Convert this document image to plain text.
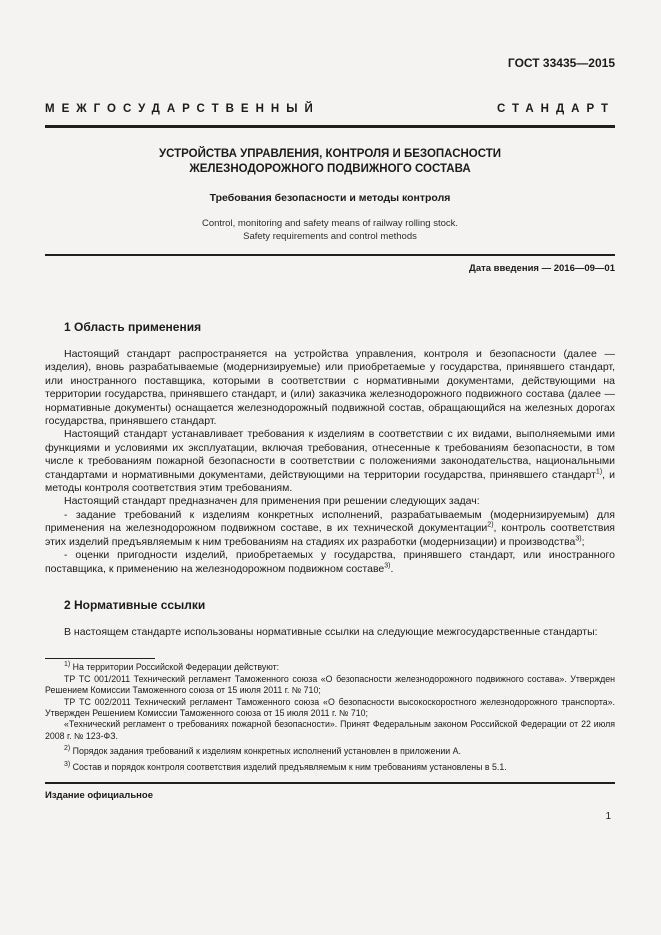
ГОСТ 33435—2015
МЕЖГОСУДАРСТВЕННЫЙ	СТАНДАРТ
УСТРОЙСТВА УПРАВЛЕНИЯ, КОНТРОЛЯ И БЕЗОПАСНОСТИ
ЖЕЛЕЗНОДОРОЖНОГО ПОДВИЖНОГО СОСТАВА
Требования безопасности и методы контроля
Control, monitoring and safety means of railway rolling stock.
Safety requirements and control methods
Дата введения — 2016—09—01
1 Область применения

Настоящий стандарт распространяется на устройства управления, контроля и безопасности (далее — изделия), вновь разрабатываемые (модернизируемые) или приобретаемые у государства, принявшего стандарт, или иностранного поставщика, которыми в соответствии с нормативными документами, действующими на территории государства, принявшего стандарт, и (или) заказчика железнодорожного подвижного состава (далее — нормативные документы) оснащается железнодорожный подвижной состав, обращающийся на железных дорогах государства, принявшего стандарт.

Настоящий стандарт устанавливает требования к изделиям в соответствии с их видами, выполняемыми ими функциями и условиями их эксплуатации, включая требования, отнесенные к требованиям безопасности, в том числе к требованиям пожарной безопасности в соответствии с положениями законодательства, национальными стандартами и нормативными документами, действующими на территории государства, принявшего стандарт$^{1)}$, и методы контроля соответствия этим требованиям.

Настоящий стандарт предназначен для применения при решении следующих задач:

- задание требований к изделиям конкретных исполнений, разрабатываемым (модернизируемым) для применения на железнодорожном подвижном составе, в их технической документации$^{2)}$, контроль соответствия этих изделий предъявляемым к ним требованиям на стадиях их разработки (модернизации) и производства$^{3)}$;

- оценки пригодности изделий, приобретаемых у государства, принявшего стандарт, или иностранного поставщика, к применению на железнодорожном подвижном составе$^{3)}$.

2 Нормативные ссылки

В настоящем стандарте использованы нормативные ссылки на следующие межгосударственные стандарты:

$^{1)}$ На территории Российской Федерации действуют:

ТР ТС 001/2011 Технический регламент Таможенного союза «О безопасности железнодорожного подвижного состава». Утвержден Решением Комиссии Таможенного союза от 15 июля 2011 г. № 710;

ТР ТС 002/2011 Технический регламент Таможенного союза «О безопасности высокоскоростного железнодорожного транспорта». Утвержден Решением Комиссии Таможенного союза от 15 июля 2011 г. № 710;

«Технический регламент о требованиях пожарной безопасности». Принят Федеральным законом Российской Федерации от 22 июля 2008 г. № 123-ФЗ.

$^{2)}$ Порядок задания требований к изделиям конкретных исполнений установлен в приложении А.

$^{3)}$ Состав и порядок контроля соответствия изделий предъявляемым к ним требованиям установлены в 5.1.

Издание официальное
1
